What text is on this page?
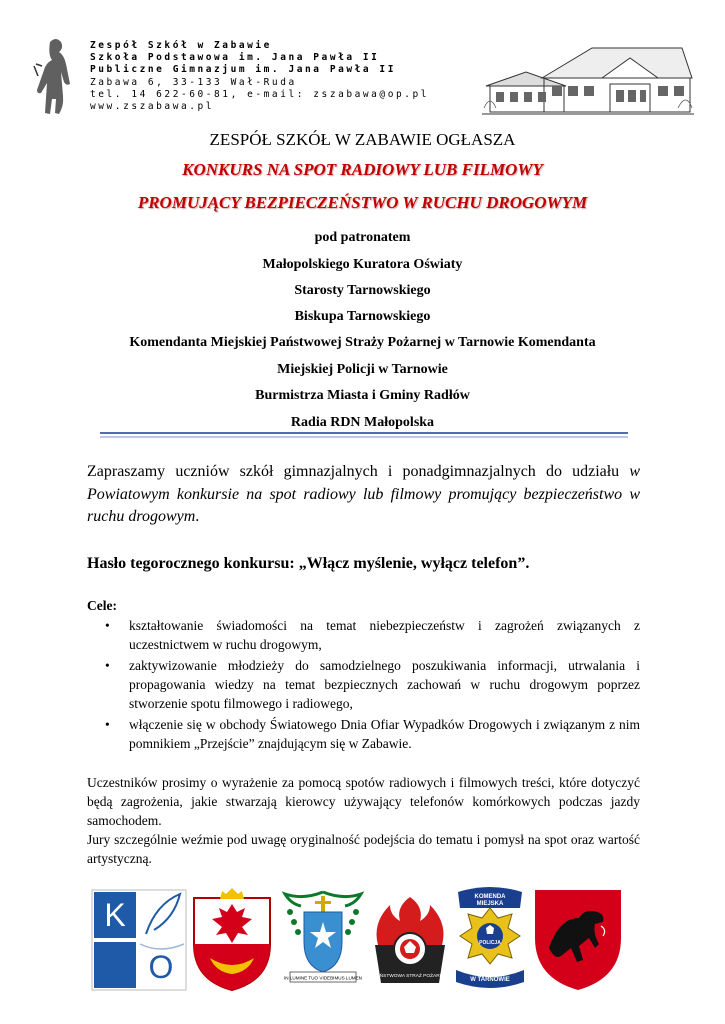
Zespół Szkół w Zabawie
Szkoła Podstawowa im. Jana Pawła II
Publiczne Gimnazjum im. Jana Pawła II
Zabawa 6, 33-133 Wał-Ruda
tel. 14 622-60-81, e-mail: zszabawa@op.pl
www.zszabawa.pl
ZESPÓŁ SZKÓŁ W ZABAWIE OGŁASZA
KONKURS NA SPOT RADIOWY LUB FILMOWY
PROMUJĄCY BEZPIECZEŃSTWO W RUCHU DROGOWYM
pod patronatem
Małopolskiego Kuratora Oświaty
Starosty Tarnowskiego
Biskupa Tarnowskiego
Komendanta Miejskiej Państwowej Straży Pożarnej w Tarnowie Komendanta
Miejskiej Policji w Tarnowie
Burmistrza Miasta i Gminy Radłów
Radia RDN Małopolska
Zapraszamy uczniów szkół gimnazjalnych i ponadgimnazjalnych do udziału w Powiatowym konkursie na spot radiowy lub filmowy promujący bezpieczeństwo w ruchu drogowym.
Hasło tegorocznego konkursu: „Włącz myślenie, wyłącz telefon”.
Cele:
• kształtowanie świadomości na temat niebezpieczeństw i zagrożeń związanych z uczestnictwem w ruchu drogowym,
• zaktywizowanie młodzieży do samodzielnego poszukiwania informacji, utrwalania i propagowania wiedzy na temat bezpiecznych zachowań w ruchu drogowym poprzez stworzenie spotu filmowego i radiowego,
• włączenie się w obchody Światowego Dnia Ofiar Wypadków Drogowych i związanym z nim pomnikiem „Przejście” znajdującym się w Zabawie.
Uczestników prosimy o wyrażenie za pomocą spotów radiowych i filmowych treści, które dotyczyć będą zagrożenia, jakie stwarzają kierowcy używający telefonów komórkowych podczas jazdy samochodem.
Jury szczególnie weźmie pod uwagę oryginalność podejścia do tematu i pomysł na spot oraz wartość artystyczną.
K
O	IN LUMINE TUO VIDEBIMUS LUMEN PAŃSTWOWA STRAŻ POŻARNA
KOMENDA
MIEJSKA
POLICJA
W TARNOWIE
